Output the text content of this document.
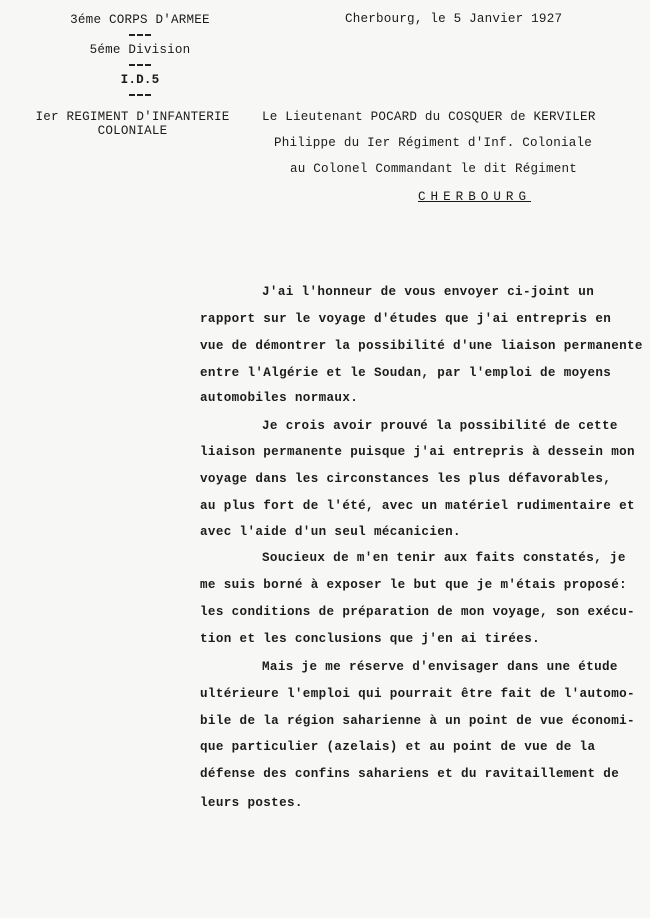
3éme CORPS D'ARMEE
5éme Division
I.D.5
Ier REGIMENT D'INFANTERIE
COLONIALE
Cherbourg, le 5 Janvier 1927
Le Lieutenant POCARD du COSQUER de KERVILER
Philippe du Ier Régiment d'Inf. Coloniale
au Colonel Commandant le dit Régiment
CHERBOURG
J'ai l'honneur de vous envoyer ci-joint un
rapport sur le voyage d'études que j'ai entrepris en
vue de démontrer la possibilité d'une liaison permanente
entre l'Algérie et le Soudan, par l'emploi de moyens
automobiles normaux.
Je crois avoir prouvé la possibilité de cette
liaison permanente puisque j'ai entrepris à dessein mon
voyage dans les circonstances les plus défavorables,
au plus fort de l'été, avec un matériel rudimentaire et
avec l'aide d'un seul mécanicien.
Soucieux de m'en tenir aux faits constatés, je
me suis borné à exposer le but que je m'étais proposé:
les conditions de préparation de mon voyage, son exécu-
tion et les conclusions que j'en ai tirées.
Mais je me réserve d'envisager dans une étude
ultérieure l'emploi qui pourrait être fait de l'automo-
bile de la région saharienne à un point de vue économi-
que particulier (azelais) et au point de vue de la
défense des confins sahariens et du ravitaillement de
leurs postes.
